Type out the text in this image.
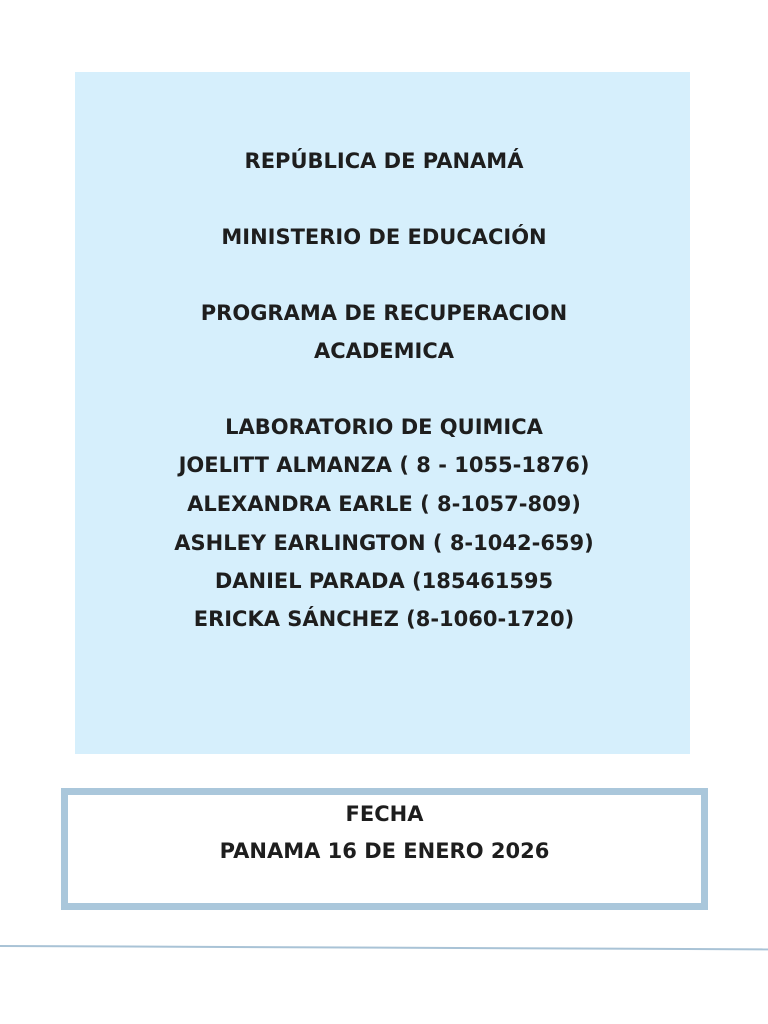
REPÚBLICA DE PANAMÁ
MINISTERIO DE EDUCACIÓN
PROGRAMA DE RECUPERACION
ACADEMICA
LABORATORIO DE QUIMICA
JOELITT ALMANZA ( 8 - 1055-1876)
ALEXANDRA EARLE ( 8-1057-809)
ASHLEY EARLINGTON ( 8-1042-659)
DANIEL PARADA (185461595
ERICKA SÁNCHEZ (8-1060-1720)
FECHA
PANAMA 16 DE ENERO 2026
